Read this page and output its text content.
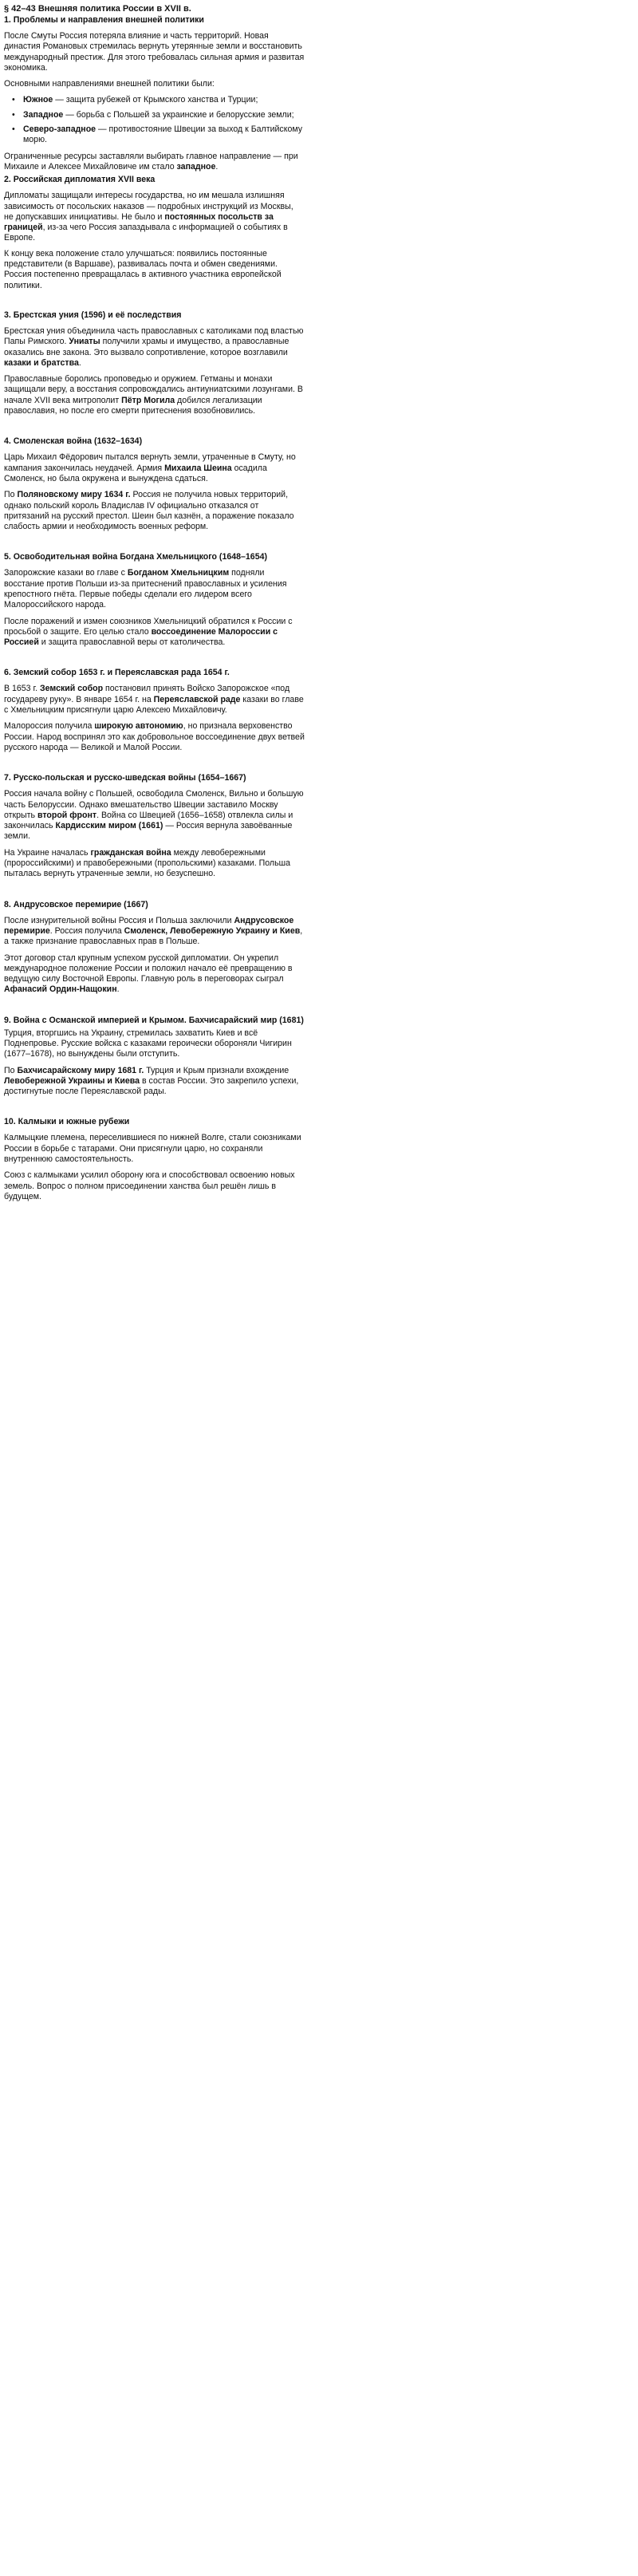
§ 42–43 Внешняя политика России в XVII в.
1. Проблемы и направления внешней политики

После Смуты Россия потеряла влияние и часть территорий. Новая династия Романовых стремилась вернуть утерянные земли и восстановить международный престиж. Для этого требовалась сильная армия и развитая экономика.

Основными направлениями внешней политики были:

• Южное — защита рубежей от Крымского ханства и Турции;
• Западное — борьба с Польшей за украинские и белорусские земли;
• Северо-западное — противостояние Швеции за выход к Балтийскому морю.

Ограниченные ресурсы заставляли выбирать главное направление — при Михаиле и Алексее Михайловиче им стало западное.

2. Российская дипломатия XVII века

Дипломаты защищали интересы государства, но им мешала излишняя зависимость от посольских наказов — подробных инструкций из Москвы, не допускавших инициативы. Не было и постоянных посольств за границей, из-за чего Россия запаздывала с информацией о событиях в Европе.

К концу века положение стало улучшаться: появились постоянные представители (в Варшаве), развивалась почта и обмен сведениями. Россия постепенно превращалась в активного участника европейской политики.

3. Брестская уния (1596) и её последствия

Брестская уния объединила часть православных с католиками под властью Папы Римского. Униаты получили храмы и имущество, а православные оказались вне закона. Это вызвало сопротивление, которое возглавили казаки и братства.

Православные боролись проповедью и оружием. Гетманы и монахи защищали веру, а восстания сопровождались антиуниатскими лозунгами. В начале XVII века митрополит Пётр Могила добился легализации православия, но после его смерти притеснения возобновились.

4. Смоленская война (1632–1634)

Царь Михаил Фёдорович пытался вернуть земли, утраченные в Смуту, но кампания закончилась неудачей. Армия Михаила Шеина осадила Смоленск, но была окружена и вынуждена сдаться.

По Поляновскому миру 1634 г. Россия не получила новых территорий, однако польский король Владислав IV официально отказался от притязаний на русский престол. Шеин был казнён, а поражение показало слабость армии и необходимость военных реформ.

5. Освободительная война Богдана Хмельницкого (1648–1654)

Запорожские казаки во главе с Богданом Хмельницким подняли восстание против Польши из-за притеснений православных и усиления крепостного гнёта. Первые победы сделали его лидером всего Малороссийского народа.

После поражений и измен союзников Хмельницкий обратился к России с просьбой о защите. Его целью стало воссоединение Малороссии с Россией и защита православной веры от католичества.

6. Земский собор 1653 г. и Переяславская рада 1654 г.

В 1653 г. Земский собор постановил принять Войско Запорожское «под государеву руку». В январе 1654 г. на Переяславской раде казаки во главе с Хмельницким присягнули царю Алексею Михайловичу.

Малороссия получила широкую автономию, но признала верховенство России. Народ воспринял это как добровольное воссоединение двух ветвей русского народа — Великой и Малой России.

7. Русско-польская и русско-шведская войны (1654–1667)

Россия начала войну с Польшей, освободила Смоленск, Вильно и большую часть Белоруссии. Однако вмешательство Швеции заставило Москву открыть второй фронт. Война со Швецией (1656–1658) отвлекла силы и закончилась Кардисским миром (1661) — Россия вернула завоёванные земли.

На Украине началась гражданская война между левобережными (пророссийскими) и правобережными (пропольскими) казаками. Польша пыталась вернуть утраченные земли, но безуспешно.

8. Андрусовское перемирие (1667)

После изнурительной войны Россия и Польша заключили Андрусовское перемирие. Россия получила Смоленск, Левобережную Украину и Киев, а также признание православных прав в Польше.

Этот договор стал крупным успехом русской дипломатии. Он укрепил международное положение России и положил начало её превращению в ведущую силу Восточной Европы. Главную роль в переговорах сыграл Афанасий Ордин-Нащокин.

9. Война с Османской империей и Крымом. Бахчисарайский мир (1681)

Турция, вторгшись на Украину, стремилась захватить Киев и всё Поднепровье. Русские войска с казаками героически обороняли Чигирин (1677–1678), но вынуждены были отступить.

По Бахчисарайскому миру 1681 г. Турция и Крым признали вхождение Левобережной Украины и Киева в состав России. Это закрепило успехи, достигнутые после Переяславской рады.

10. Калмыки и южные рубежи

Калмыцкие племена, переселившиеся по нижней Волге, стали союзниками России в борьбе с татарами. Они присягнули царю, но сохраняли внутреннюю самостоятельность.

Союз с калмыками усилил оборону юга и способствовал освоению новых земель. Вопрос о полном присоединении ханства был решён лишь в будущем.
